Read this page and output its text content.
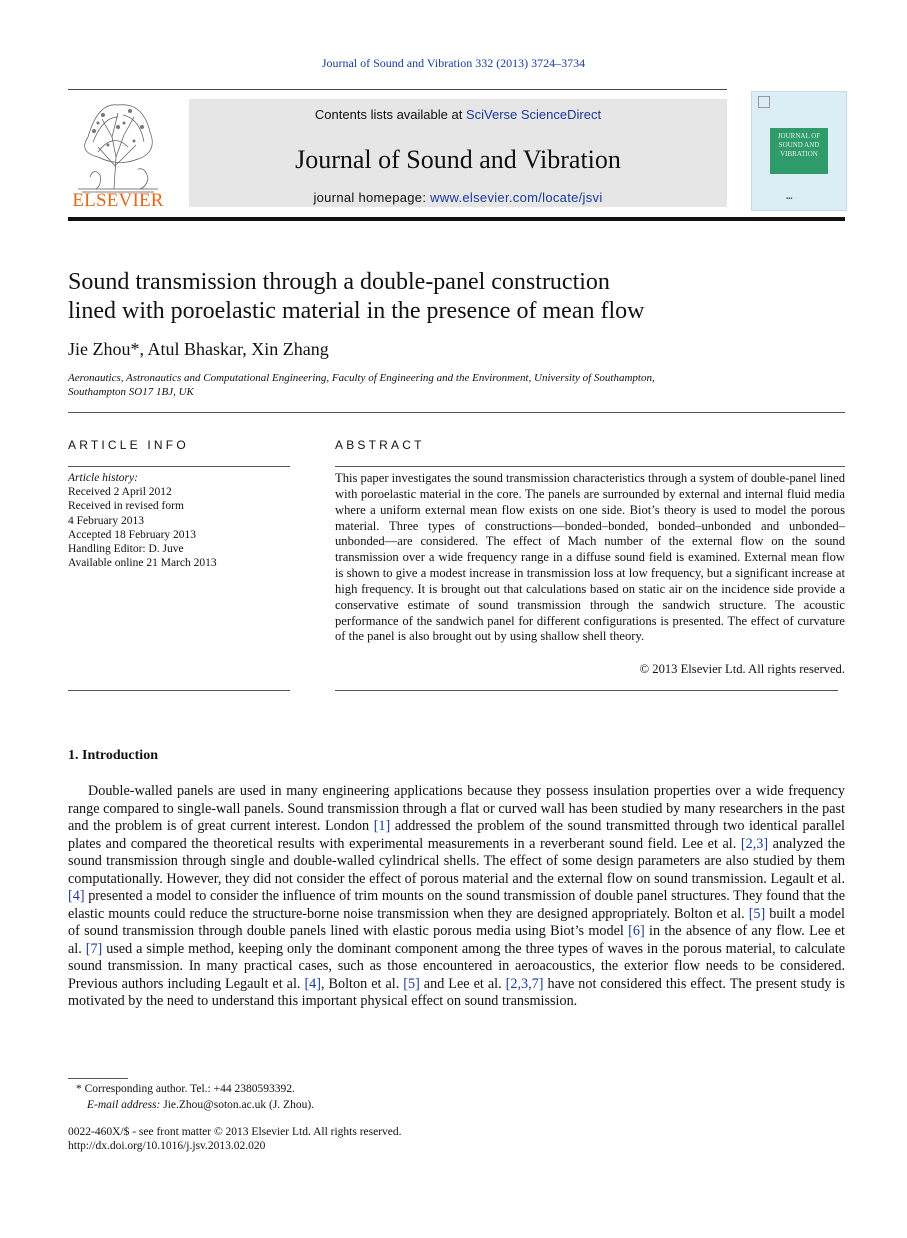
Journal of Sound and Vibration 332 (2013) 3724–3734
ELSEVIER
Contents lists available at SciVerse ScienceDirect
Journal of Sound and Vibration
journal homepage: www.elsevier.com/locate/jsvi
JOURNAL OF
SOUND AND
VIBRATION
▪▪▪
Sound transmission through a double-panel construction
lined with poroelastic material in the presence of mean flow
Jie Zhou*, Atul Bhaskar, Xin Zhang
Aeronautics, Astronautics and Computational Engineering, Faculty of Engineering and the Environment, University of Southampton,
Southampton SO17 1BJ, UK
ARTICLE INFO	ABSTRACT
Article history:
Received 2 April 2012
Received in revised form
4 February 2013
Accepted 18 February 2013
Handling Editor: D. Juve
Available online 21 March 2013
This paper investigates the sound transmission characteristics through a system of double-panel lined with poroelastic material in the core. The panels are surrounded by external and internal fluid media where a uniform external mean flow exists on one side. Biot’s theory is used to model the porous material. Three types of constructions—bonded–bonded, bonded–unbonded and unbonded–unbonded—are considered. The effect of Mach number of the external flow on the sound transmission over a wide frequency range in a diffuse sound field is examined. External mean flow is shown to give a modest increase in transmission loss at low frequency, but a significant increase at high frequency. It is brought out that calculations based on static air on the incidence side provide a conservative estimate of sound transmission through the sandwich structure. The acoustic performance of the sandwich panel for different configurations is presented. The effect of curvature of the panel is also brought out by using shallow shell theory.
© 2013 Elsevier Ltd. All rights reserved.
1. Introduction
Double-walled panels are used in many engineering applications because they possess insulation properties over a wide frequency range compared to single-wall panels. Sound transmission through a flat or curved wall has been studied by many researchers in the past and the problem is of great current interest. London [1] addressed the problem of the sound transmitted through two identical parallel plates and compared the theoretical results with experimental measurements in a reverberant sound field. Lee et al. [2,3] analyzed the sound transmission through single and double-walled cylindrical shells. The effect of some design parameters are also studied by them computationally. However, they did not consider the effect of porous material and the external flow on sound transmission. Legault et al. [4] presented a model to consider the influence of trim mounts on the sound transmission of double panel structures. They found that the elastic mounts could reduce the structure-borne noise transmission when they are designed appropriately. Bolton et al. [5] built a model of sound transmission through double panels lined with elastic porous media using Biot’s model [6] in the absence of any flow. Lee et al. [7] used a simple method, keeping only the dominant component among the three types of waves in the porous material, to calculate sound transmission. In many practical cases, such as those encountered in aeroacoustics, the exterior flow needs to be considered. Previous authors including Legault et al. [4], Bolton et al. [5] and Lee et al. [2,3,7] have not considered this effect. The present study is motivated by the need to understand this important physical effect on sound transmission.
* Corresponding author. Tel.: +44 2380593392.
E-mail address: Jie.Zhou@soton.ac.uk (J. Zhou).
0022-460X/$ - see front matter © 2013 Elsevier Ltd. All rights reserved.
http://dx.doi.org/10.1016/j.jsv.2013.02.020
